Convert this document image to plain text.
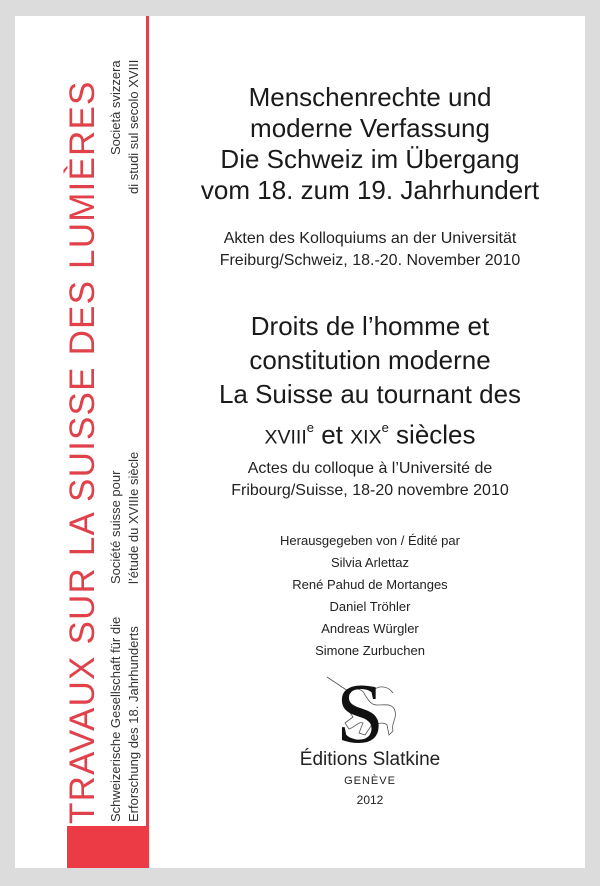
TRAVAUX SUR LA SUISSE DES LUMIÈRES Schweizerische Gesellschaft für die Erforschung des 18. Jahrhunderts
Société suisse pour l’étude du XVIIIe siècle
Società svizzera di studi sul secolo XVIII	Menschenrechte und
moderne Verfassung
Die Schweiz im Übergang
vom 18. zum 19. Jahrhundert
Akten des Kolloquiums an der Universität
Freiburg/Schweiz, 18.-20. November 2010
Droits de l’homme et
constitution moderne
La Suisse au tournant des
XVIIIe et XIXe siècles
Actes du colloque à l’Université de
Fribourg/Suisse, 18-20 novembre 2010
Herausgegeben von / Édité par
Silvia Arlettaz
René Pahud de Mortanges
Daniel Tröhler
Andreas Würgler
Simone Zurbuchen
S
Éditions Slatkine
GENÈVE
2012
